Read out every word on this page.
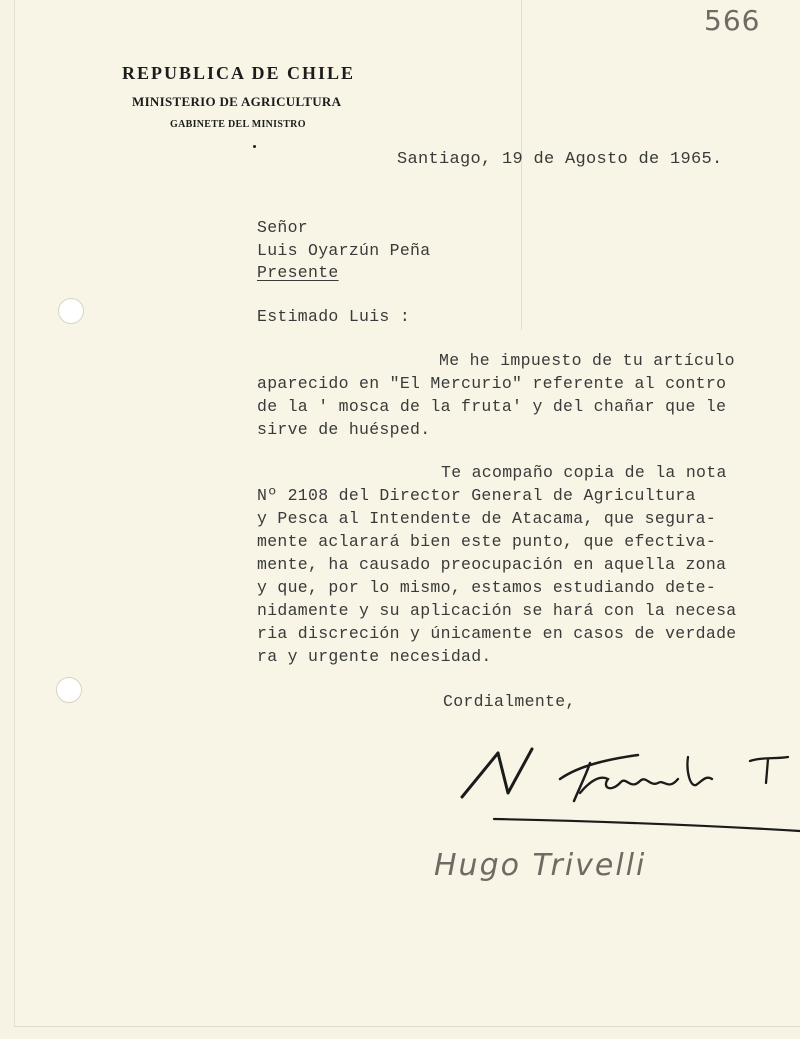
566
REPUBLICA DE CHILE
MINISTERIO DE AGRICULTURA
GABINETE DEL MINISTRO
Santiago, 19 de Agosto de 1965.
Señor
Luis Oyarzún Peña
Presente
Estimado Luis :
Me he impuesto de tu artículo
aparecido en "El Mercurio" referente al contro
de la ' mosca de la fruta' y del chañar que le
sirve de huésped.
Te acompaño copia de la nota
Nº 2108 del Director General de Agricultura
y Pesca al Intendente de Atacama, que segura-
mente aclarará bien este punto, que efectiva-
mente, ha causado preocupación en aquella zona
y que, por lo mismo, estamos estudiando dete-
nidamente y su aplicación se hará con la necesa
ria discreción y únicamente en casos de verdade
ra y urgente necesidad.
Cordialmente,
Hugo Trivelli
